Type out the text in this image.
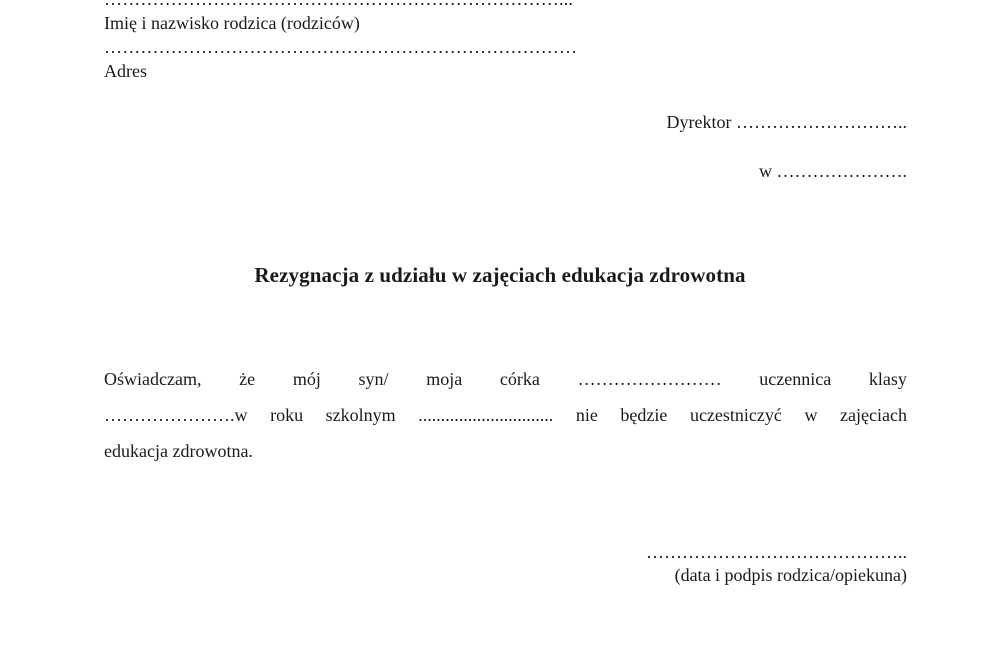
Imię i nazwisko rodzica (rodziców)
……………………………………………………………………
Adres
Dyrektor ………………………..
w ………………….
Rezygnacja z udziału w zajęciach edukacja zdrowotna
Oświadczam, że mój syn/ moja córka …………………… uczennica klasy
………………….w roku szkolnym .............................. nie będzie uczestniczyć w zajęciach
edukacja zdrowotna.
……………………………………..
(data i podpis rodzica/opiekuna)
